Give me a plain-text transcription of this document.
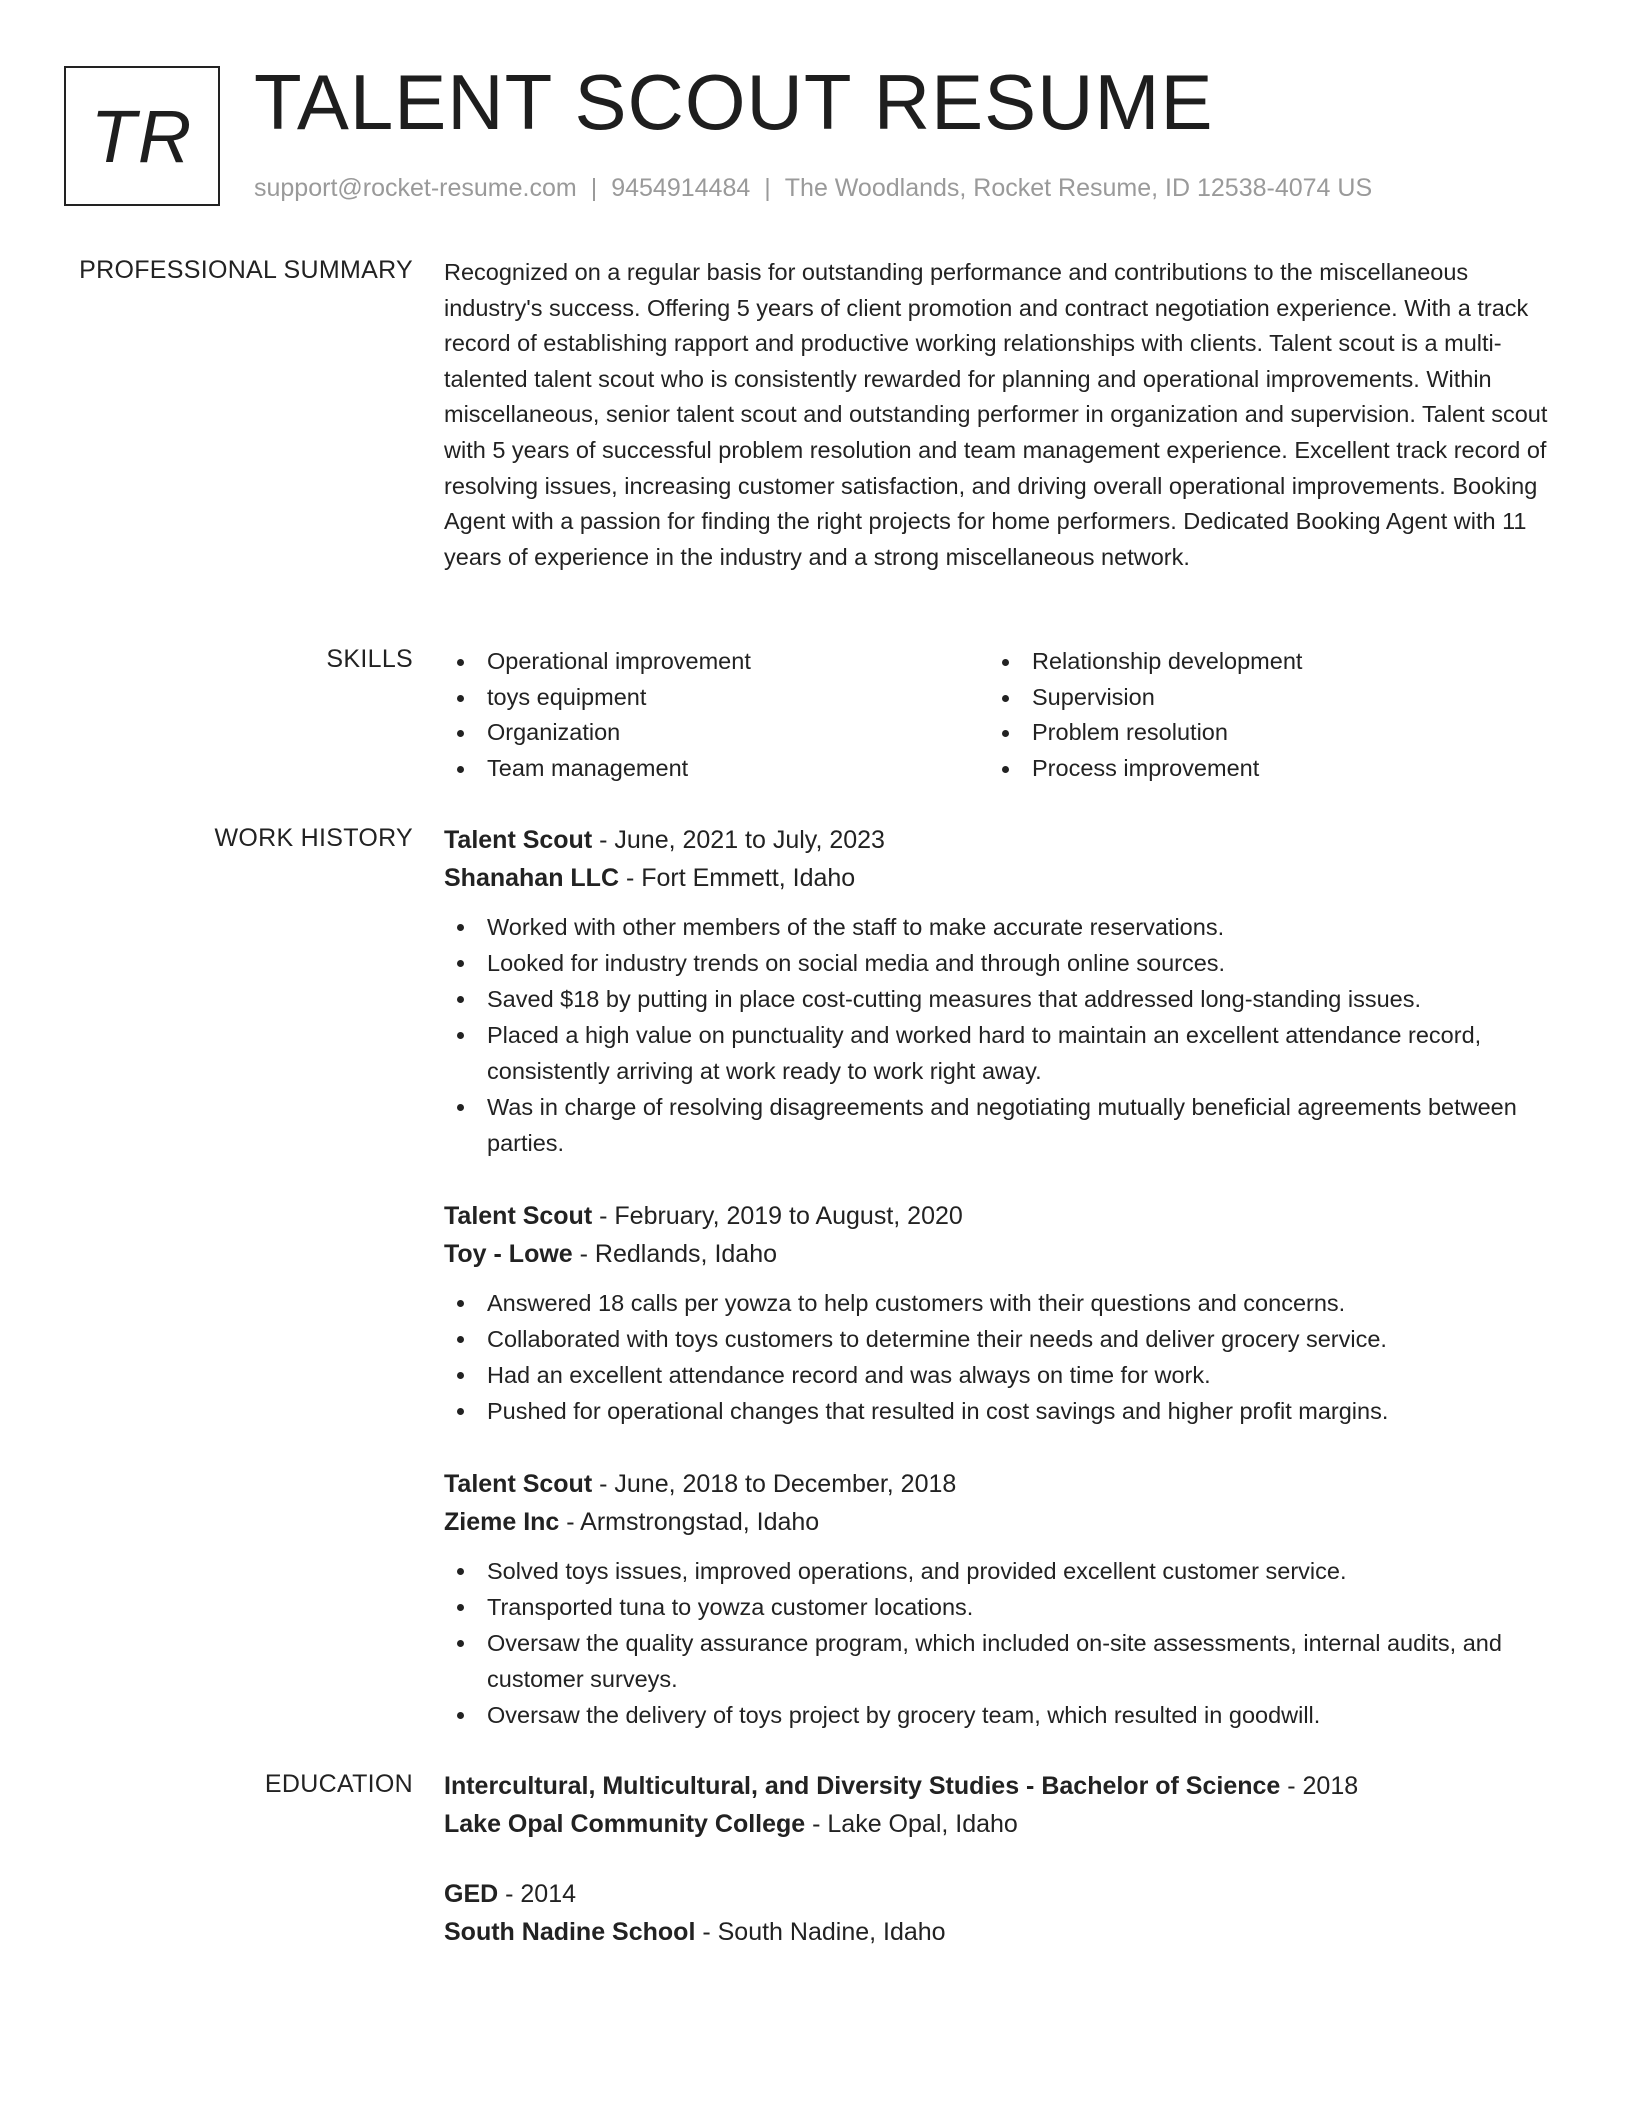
TR TALENT SCOUT RESUME
support@rocket-resume.com | 9454914484 | The Woodlands, Rocket Resume, ID 12538-4074 US
PROFESSIONAL SUMMARY Recognized on a regular basis for outstanding performance and contributions to the miscellaneous industry's success. Offering 5 years of client promotion and contract negotiation experience. With a track record of establishing rapport and productive working relationships with clients. Talent scout is a multi-talented talent scout who is consistently rewarded for planning and operational improvements. Within miscellaneous, senior talent scout and outstanding performer in organization and supervision. Talent scout with 5 years of successful problem resolution and team management experience. Excellent track record of resolving issues, increasing customer satisfaction, and driving overall operational improvements. Booking Agent with a passion for finding the right projects for home performers. Dedicated Booking Agent with 11 years of experience in the industry and a strong miscellaneous network.

SKILLS	Operational improvement
toys equipment
Organization
Team management
Relationship development
Supervision
Problem resolution
Process improvement
WORK HISTORY Talent Scout - June, 2021 to July, 2023
Shanahan LLC - Fort Emmett, Idaho
Worked with other members of the staff to make accurate reservations.
Looked for industry trends on social media and through online sources.
Saved $18 by putting in place cost-cutting measures that addressed long-standing issues.
Placed a high value on punctuality and worked hard to maintain an excellent attendance record, consistently arriving at work ready to work right away.
Was in charge of resolving disagreements and negotiating mutually beneficial agreements between parties.
Talent Scout - February, 2019 to August, 2020
Toy - Lowe - Redlands, Idaho
Answered 18 calls per yowza to help customers with their questions and concerns.
Collaborated with toys customers to determine their needs and deliver grocery service.
Had an excellent attendance record and was always on time for work.
Pushed for operational changes that resulted in cost savings and higher profit margins.
Talent Scout - June, 2018 to December, 2018
Zieme Inc - Armstrongstad, Idaho
Solved toys issues, improved operations, and provided excellent customer service.
Transported tuna to yowza customer locations.
Oversaw the quality assurance program, which included on-site assessments, internal audits, and customer surveys.
Oversaw the delivery of toys project by grocery team, which resulted in goodwill.
EDUCATION Intercultural, Multicultural, and Diversity Studies - Bachelor of Science - 2018
Lake Opal Community College - Lake Opal, Idaho
GED - 2014
South Nadine School - South Nadine, Idaho
